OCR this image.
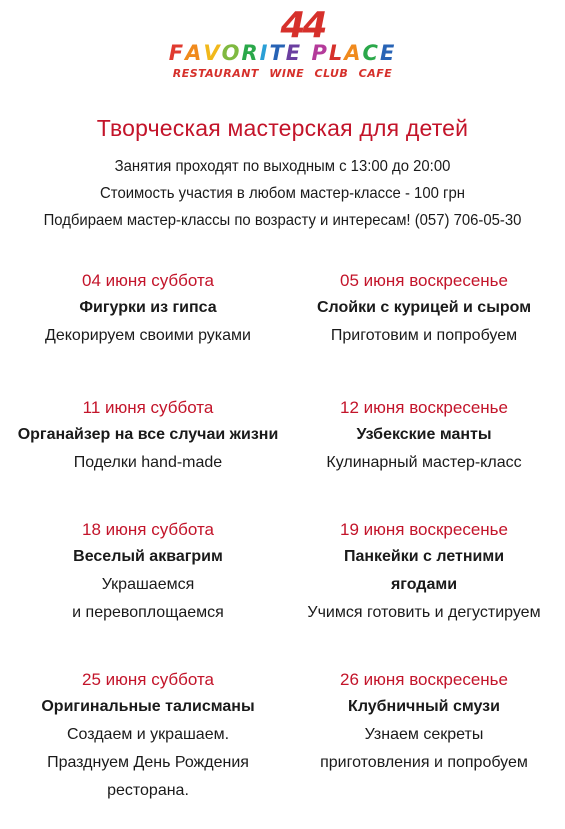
44
FAVORITE PLACE
RESTAURANT WINE CLUB CAFE
Творческая мастерская для детей
Занятия проходят по выходным с 13:00 до 20:00
Стоимость участия в любом мастер-классе - 100 грн
Подбираем мастер-классы по возрасту и интересам! (057) 706-05-30
04 июня суббота
Фигурки из гипса
Декорируем своими руками
05 июня воскресенье
Слойки с курицей и сыром
Приготовим и попробуем
11 июня суббота
Органайзер на все случаи жизни
Поделки hand-made
12 июня воскресенье
Узбекские манты
Кулинарный мастер-класс
18 июня суббота
Веселый аквагрим
Украшаемся
и перевоплощаемся
19 июня воскресенье
Панкейки с летними ягодами
Учимся готовить и дегустируем
25 июня суббота
Оригинальные талисманы
Создаем и украшаем.
Празднуем День Рождения
ресторана.
26 июня воскресенье
Клубничный смузи
Узнаем секреты
приготовления и попробуем
